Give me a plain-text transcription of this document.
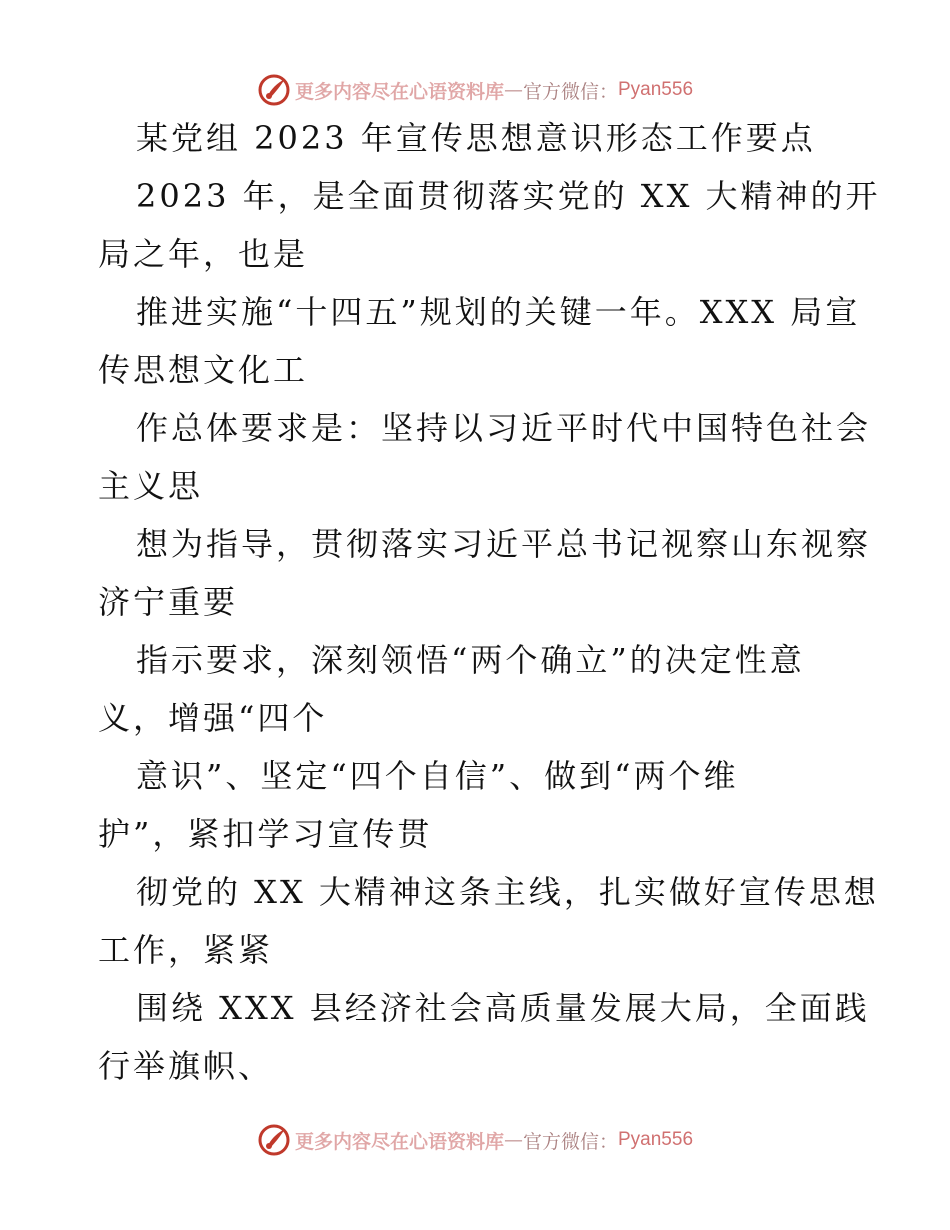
更多内容尽在心语资料库 — 官方微信： Pyan556
某党组 2023 年宣传思想意识形态工作要点
2023 年，是全面贯彻落实党的 XX 大精神的开
局之年，也是
推进实施“十四五”规划的关键一年。XXX 局宣
传思想文化工
作总体要求是：坚持以习近平时代中国特色社会
主义思
想为指导，贯彻落实习近平总书记视察山东视察
济宁重要
指示要求，深刻领悟“两个确立”的决定性意
义，增强“四个
意识”、坚定“四个自信”、做到“两个维
护”，紧扣学习宣传贯
彻党的 XX 大精神这条主线，扎实做好宣传思想
工作，紧紧
围绕 XXX 县经济社会高质量发展大局，全面践
行举旗帜、
更多内容尽在心语资料库 — 官方微信： Pyan556
